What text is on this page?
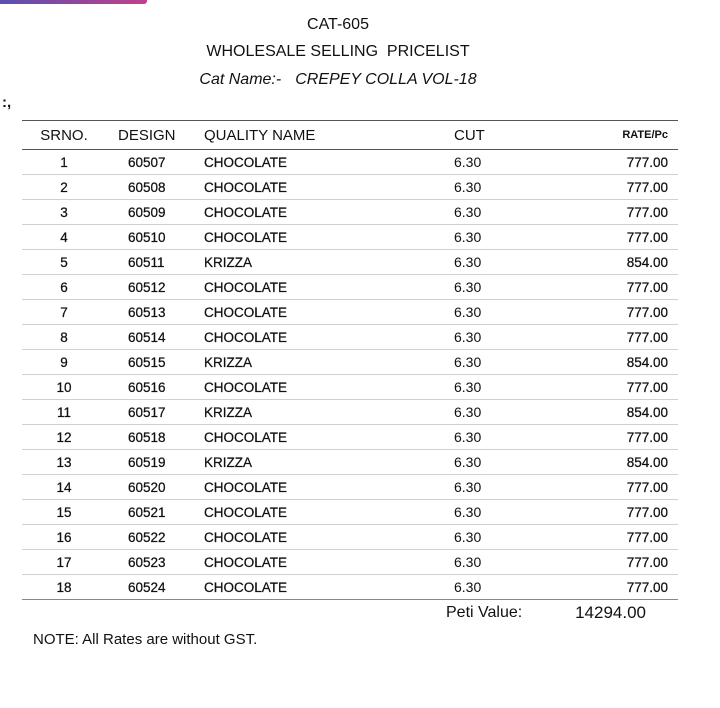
:,
CAT-605
WHOLESALE SELLING  PRICELIST
Cat Name:- CREPEY COLLA VOL-18
SRNO.	DESIGN	QUALITY NAME	CUT	RATE/Pc
1	60507	CHOCOLATE	6.30	777.00
2	60508	CHOCOLATE	6.30	777.00
3	60509	CHOCOLATE	6.30	777.00
4	60510	CHOCOLATE	6.30	777.00
5	60511	KRIZZA	6.30	854.00
6	60512	CHOCOLATE	6.30	777.00
7	60513	CHOCOLATE	6.30	777.00
8	60514	CHOCOLATE	6.30	777.00
9	60515	KRIZZA	6.30	854.00
10	60516	CHOCOLATE	6.30	777.00
11	60517	KRIZZA	6.30	854.00
12	60518	CHOCOLATE	6.30	777.00
13	60519	KRIZZA	6.30	854.00
14	60520	CHOCOLATE	6.30	777.00
15	60521	CHOCOLATE	6.30	777.00
16	60522	CHOCOLATE	6.30	777.00
17	60523	CHOCOLATE	6.30	777.00
18	60524	CHOCOLATE	6.30	777.00
Peti Value:	14294.00
NOTE: All Rates are without GST.
